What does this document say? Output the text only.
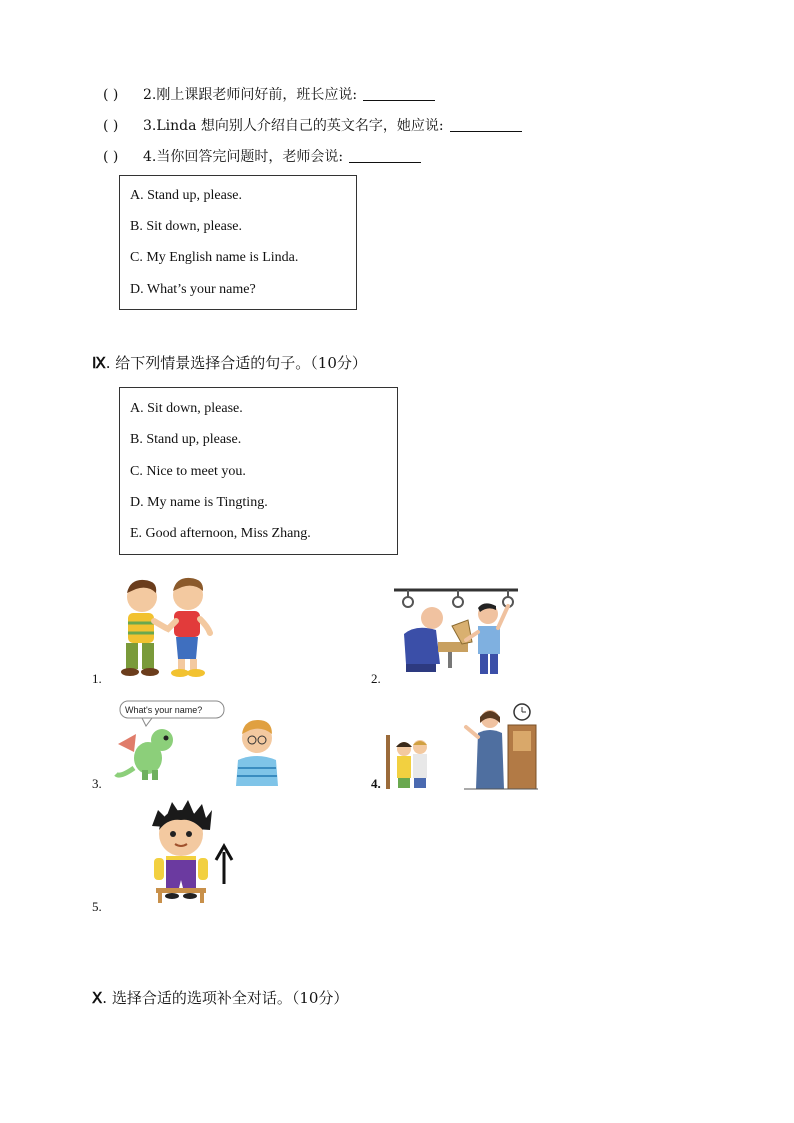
( ) 2.刚上课跟老师问好前，班长应说:
( ) 3.Linda 想向别人介绍自己的英文名字，她应说:
( ) 4.当你回答完问题时，老师会说:
A. Stand up, please.
B. Sit down, please.
C. My English name is Linda.
D. What’s your name?
Ⅸ. 给下列情景选择合适的句子。（10分）
A. Sit down, please.
B. Stand up, please.
C. Nice to meet you.
D. My name is Tingting.
E. Good afternoon, Miss Zhang.
1.	2.
3.
What's your name?
4.
5.
Ⅹ. 选择合适的选项补全对话。（10分）
